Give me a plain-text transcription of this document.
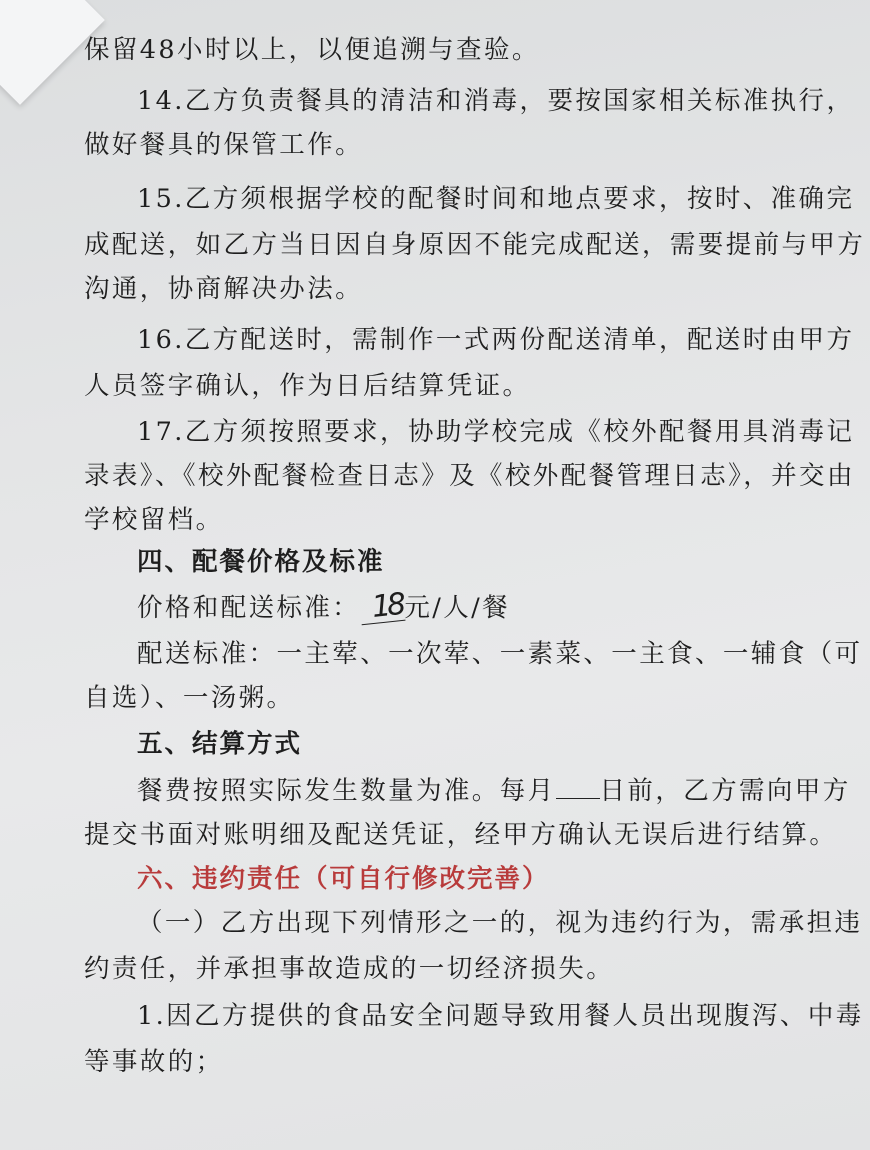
保留48小时以上，以便追溯与查验。
14.乙方负责餐具的清洁和消毒，要按国家相关标准执行，
做好餐具的保管工作。
15.乙方须根据学校的配餐时间和地点要求，按时、准确完
成配送，如乙方当日因自身原因不能完成配送，需要提前与甲方
沟通，协商解决办法。
16.乙方配送时，需制作一式两份配送清单，配送时由甲方
人员签字确认，作为日后结算凭证。
17.乙方须按照要求，协助学校完成《校外配餐用具消毒记
录表》、《校外配餐检查日志》及《校外配餐管理日志》，并交由
学校留档。
四、配餐价格及标准
价格和配送标准： 18元/人/餐
配送标准：一主荤、一次荤、一素菜、一主食、一辅食（可
自选）、一汤粥。
五、结算方式
餐费按照实际发生数量为准。每月 日前，乙方需向甲方
提交书面对账明细及配送凭证，经甲方确认无误后进行结算。
六、违约责任（可自行修改完善）
（一）乙方出现下列情形之一的，视为违约行为，需承担违
约责任，并承担事故造成的一切经济损失。
1.因乙方提供的食品安全问题导致用餐人员出现腹泻、中毒
等事故的；
